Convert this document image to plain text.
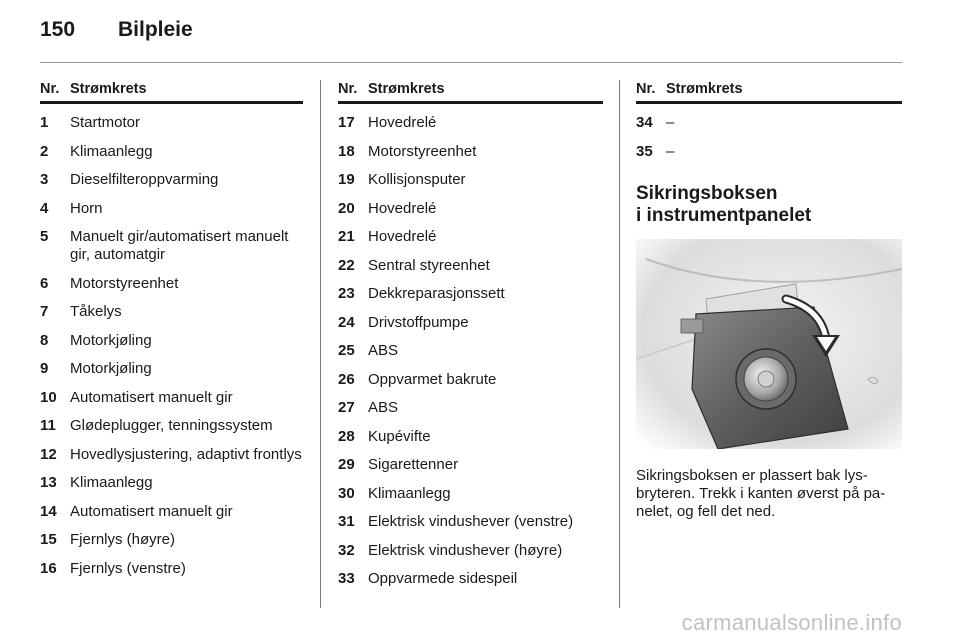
150	Bilpleie
Nr. Strømkrets
1	Startmotor
2	Klimaanlegg
3	Dieselfilteroppvarming
4	Horn
5	Manuelt gir/automatisert manuelt gir, automatgir
6	Motorstyreenhet
7	Tåkelys
8	Motorkjøling
9	Motorkjøling
10 Automatisert manuelt gir
11 Glødeplugger, tenningssystem
12 Hovedlysjustering, adaptivt frontlys
13 Klimaanlegg
14 Automatisert manuelt gir
15 Fjernlys (høyre)
16 Fjernlys (venstre)
Nr. Strømkrets
17 Hovedrelé
18 Motorstyreenhet
19 Kollisjonsputer
20 Hovedrelé
21 Hovedrelé
22 Sentral styreenhet
23 Dekkreparasjonssett
24 Drivstoffpumpe
25 ABS
26 Oppvarmet bakrute
27 ABS
28 Kupévifte
29 Sigarettenner
30 Klimaanlegg
31 Elektrisk vindushever (venstre)
32 Elektrisk vindushever (høyre)
33 Oppvarmede sidespeil
Nr. Strømkrets
34 –
35 –
Sikringsboksen
i instrumentpanelet
Sikringsboksen er plassert bak lys-bryteren. Trekk i kanten øverst på pa-nelet, og fell det ned.
carmanualsonline.info
